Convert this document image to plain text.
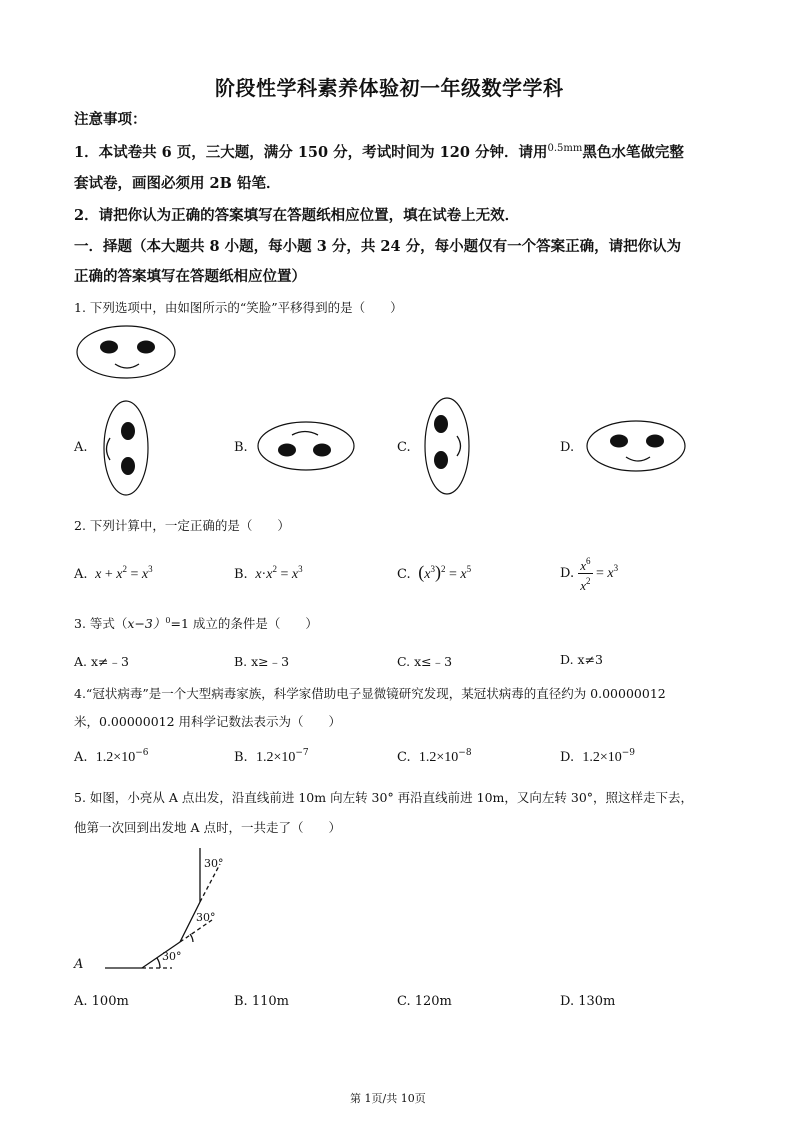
阶段性学科素养体验初一年级数学学科
注意事项：
1．本试卷共 6 页，三大题，满分 150 分，考试时间为 120 分钟．请用$^{0.5mm}$黑色水笔做完整
套试卷，画图必须用 2B 铅笔．
2．请把你认为正确的答案填写在答题纸相应位置，填在试卷上无效．
一．择题（本大题共 8 小题，每小题 3 分，共 24 分，每小题仅有一个答案正确，请把你认为
正确的答案填写在答题纸相应位置）
1. 下列选项中，由如图所示的“笑脸”平移得到的是（　　）
A.	B.	C.	D.
2. 下列计算中，一定正确的是（　　）
A. $x + x^2 = x^3$	B. $x\cdot x^2 = x^3$	C. $(x^3)^2 = x^5$	D. $\frac{x^6}{x^2} = x^3$
3. 等式$(x-3)^0=1$ 成立的条件是（　　）
A. x≠﹣3	B. x≥﹣3	C. x≤﹣3	D. x≠3
4.“冠状病毒”是一个大型病毒家族，科学家借助电子显微镜研究发现，某冠状病毒的直径约为 0.00000012
米，0.00000012 用科学记数法表示为（　　）
A. $1.2\times 10^{-6}$	B. $1.2\times 10^{-7}$	C. $1.2\times 10^{-8}$	D. $1.2\times 10^{-9}$
5. 如图，小亮从 A 点出发，沿直线前进 10m 向左转 30° 再沿直线前进 10m，又向左转 30°，照这样走下去，
他第一次回到出发地 A 点时，一共走了（　　）
A
30°
30°
30°
A. 100m	B. 110m	C. 120m	D. 130m
第 1页/共 10页
